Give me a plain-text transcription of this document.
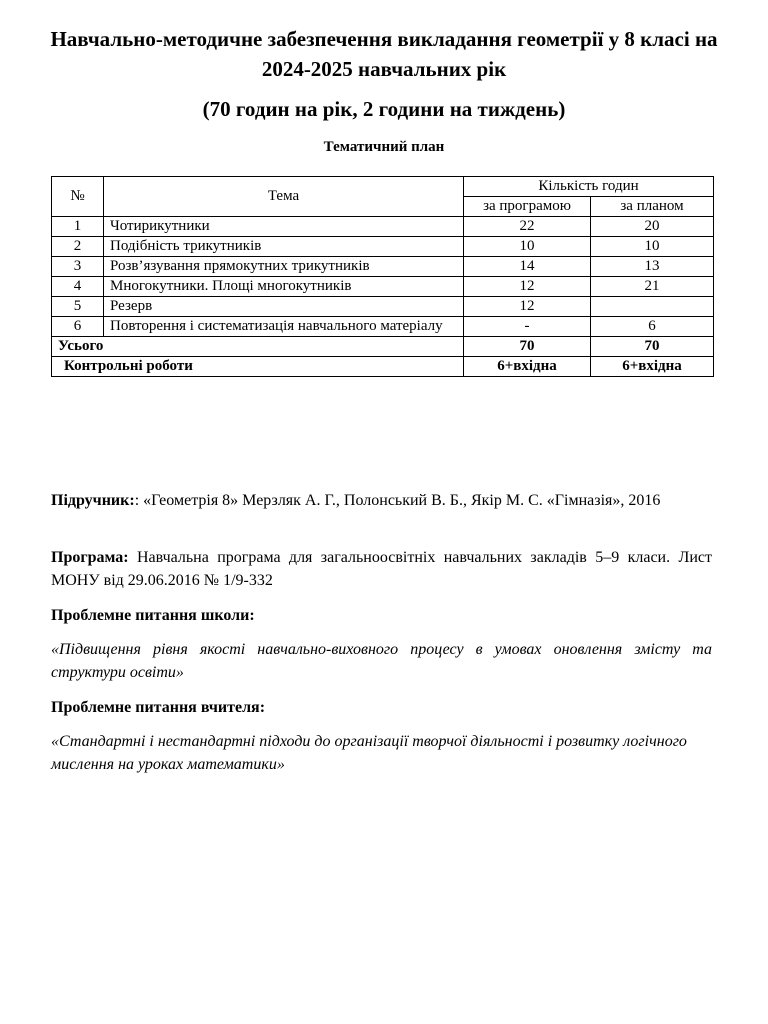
Навчально-методичне забезпечення викладання геометрії у 8 класі на 2024-2025 навчальних рік
(70 годин на рік, 2 години на тиждень)
Тематичний план
№	Тема	Кількість годин	
		за програмою	за планом
1	Чотирикутники	22	20
2	Подібність трикутників	10	10
3	Розв’язування прямокутних трикутників	14	13
4	Многокутники. Площі многокутників	12	21
5	Резерв	12	
6	Повторення і систематизація навчального матеріалу	-	6
Усього		70	70
Контрольні роботи		6+вхідна	6+вхідна
Підручник:: «Геометрія 8» Мерзляк А. Г., Полонський В. Б., Якір М. С. «Гімназія», 2016
Програма: Навчальна програма для загальноосвітніх навчальних закладів 5–9 класи. Лист МОНУ від 29.06.2016 № 1/9-332
Проблемне питання школи:
«Підвищення рівня якості навчально-виховного процесу в умовах оновлення змісту та структури освіти»
Проблемне питання вчителя:
«Стандартні і нестандартні підходи до організації творчої діяльності і розвитку логічного мислення на уроках математики»
